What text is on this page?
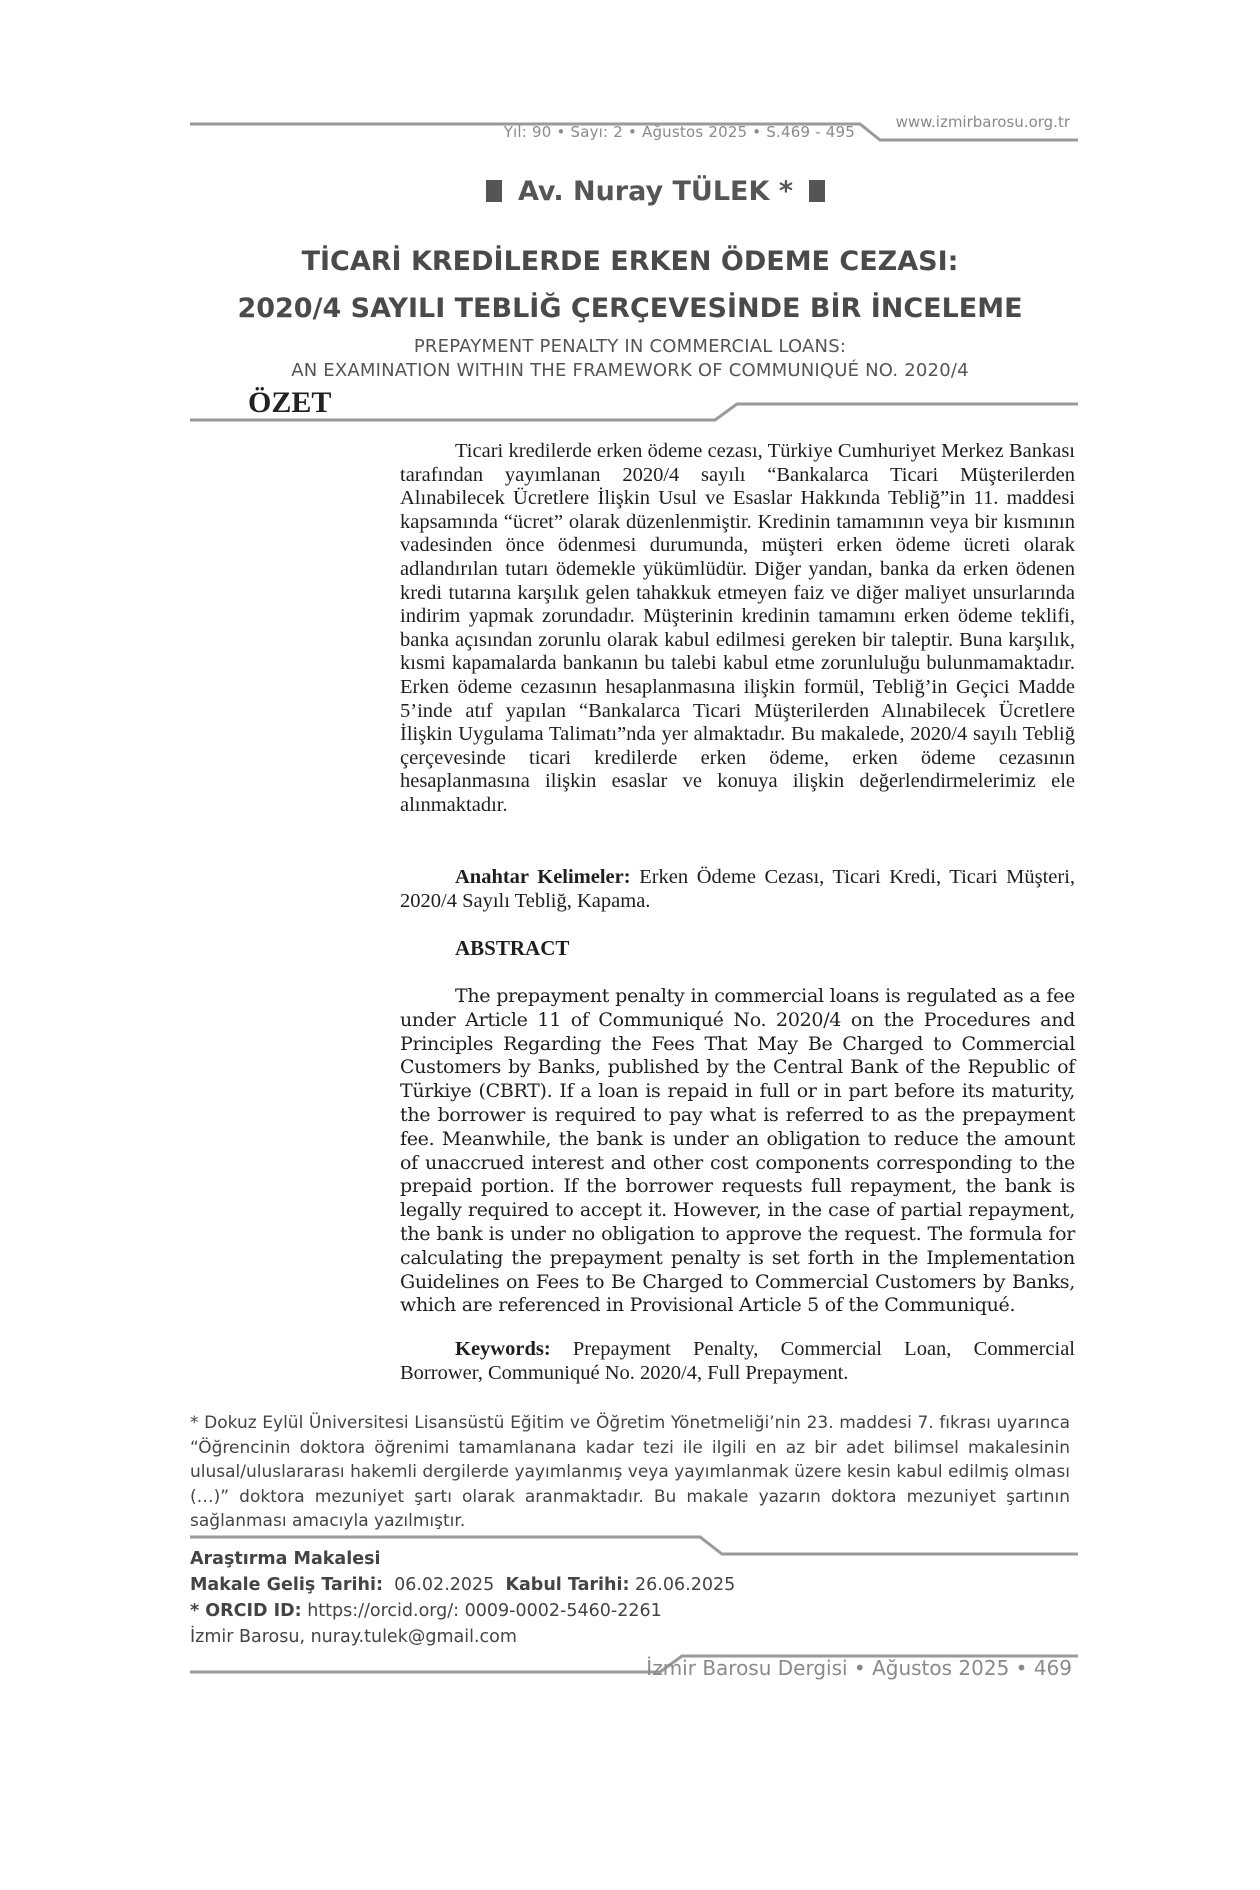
Yıl: 90 • Sayı: 2 • Ağustos 2025 • S.469 - 495
www.izmirbarosu.org.tr
Av. Nuray TÜLEK *
TİCARİ KREDİLERDE ERKEN ÖDEME CEZASI:
2020/4 SAYILI TEBLİĞ ÇERÇEVESİNDE BİR İNCELEME
PREPAYMENT PENALTY IN COMMERCIAL LOANS:
AN EXAMINATION WITHIN THE FRAMEWORK OF COMMUNIQUÉ NO. 2020/4
ÖZET

Ticari kredilerde erken ödeme cezası, Türkiye Cumhuriyet Merkez Bankası tarafından yayımlanan 2020/4 sayılı “Bankalarca Ticari Müşterilerden Alınabilecek Ücretlere İlişkin Usul ve Esaslar Hakkında Tebliğ”in 11. maddesi kapsamında “ücret” olarak düzenlenmiştir. Kredinin tamamının veya bir kısmının vadesinden önce ödenmesi durumunda, müşteri erken ödeme ücreti olarak adlandırılan tutarı ödemekle yükümlüdür. Diğer yandan, banka da erken ödenen kredi tutarına karşılık gelen tahakkuk etmeyen faiz ve diğer maliyet unsurlarında indirim yapmak zorundadır. Müşterinin kredinin tamamını erken ödeme teklifi, banka açısından zorunlu olarak kabul edilmesi gereken bir taleptir. Buna karşılık, kısmi kapamalarda bankanın bu talebi kabul etme zorunluluğu bulunmamaktadır. Erken ödeme cezasının hesaplanmasına ilişkin formül, Tebliğ’in Geçici Madde 5’inde atıf yapılan “Bankalarca Ticari Müşterilerden Alınabilecek Ücretlere İlişkin Uygulama Talimatı”nda yer almaktadır. Bu makalede, 2020/4 sayılı Tebliğ çerçevesinde ticari kredilerde erken ödeme, erken ödeme cezasının hesaplanmasına ilişkin esaslar ve konuya ilişkin değerlendirmelerimiz ele alınmaktadır.

Anahtar Kelimeler: Erken Ödeme Cezası, Ticari Kredi, Ticari Müşteri, 2020/4 Sayılı Tebliğ, Kapama.

ABSTRACT

The prepayment penalty in commercial loans is regulated as a fee under Article 11 of Communiqué No. 2020/4 on the Procedures and Principles Regarding the Fees That May Be Charged to Commercial Customers by Banks, published by the Central Bank of the Republic of Türkiye (CBRT). If a loan is repaid in full or in part before its maturity, the borrower is required to pay what is referred to as the prepayment fee. Meanwhile, the bank is under an obligation to reduce the amount of unaccrued interest and other cost components corresponding to the prepaid portion. If the borrower requests full repayment, the bank is legally required to accept it. However, in the case of partial repayment, the bank is under no obligation to approve the request. The formula for calculating the prepayment penalty is set forth in the Implementation Guidelines on Fees to Be Charged to Commercial Customers by Banks, which are referenced in Provisional Article 5 of the Communiqué.

Keywords: Prepayment Penalty, Commercial Loan, Commercial Borrower, Communiqué No. 2020/4, Full Prepayment.

* Dokuz Eylül Üniversitesi Lisansüstü Eğitim ve Öğretim Yönetmeliği’nin 23. maddesi 7. fıkrası uyarınca “Öğrencinin doktora öğrenimi tamamlanana kadar tezi ile ilgili en az bir adet bilimsel makalesinin ulusal/uluslararası hakemli dergilerde yayımlanmış veya yayımlanmak üzere kesin kabul edilmiş olması (…)” doktora mezuniyet şartı olarak aranmaktadır. Bu makale yazarın doktora mezuniyet şartının sağlanması amacıyla yazılmıştır.
Araştırma Makalesi
Makale Geliş Tarihi: 06.02.2025 Kabul Tarihi: 26.06.2025
* ORCID ID: https://orcid.org/: 0009-0002-5460-2261
İzmir Barosu, nuray.tulek@gmail.com
İzmir Barosu Dergisi • Ağustos 2025 • 469
